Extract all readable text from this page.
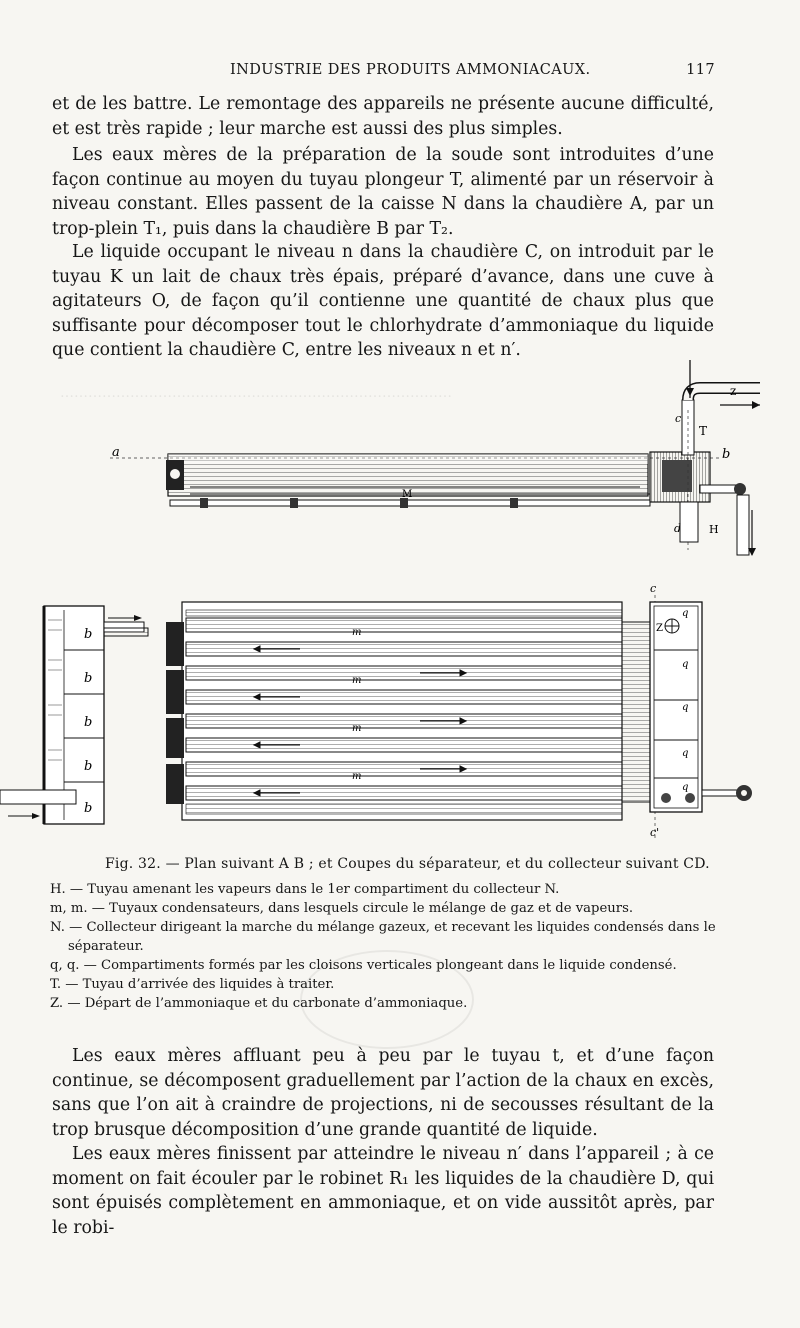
INDUSTRIE DES PRODUITS AMMONIACAUX.	117

et de les battre. Le remontage des appareils ne présente aucune difficulté, et est très rapide ; leur marche est aussi des plus simples.

Les eaux mères de la préparation de la soude sont introduites d’une façon continue au moyen du tuyau plongeur T, alimenté par un réservoir à niveau constant. Elles passent de la caisse N dans la chaudière A, par un trop-plein T₁, puis dans la chaudière B par T₂.

Le liquide occupant le niveau n dans la chaudière C, on introduit par le tuyau K un lait de chaux très épais, préparé d’avance, dans une cuve à agitateurs O, de façon qu’il contienne une quantité de chaux plus que suffisante pour décomposer tout le chlorhydrate d’ammoniaque du liquide que contient la chaudière C, entre les niveaux n et n′.

…………………………………………………………………………
a	b
M
z
T
c
H
d
c
c'
m
m
m
m
Z
q
q
q
q
q
b
b
b
b
b
Fig. 32. — Plan suivant A B ; et Coupes du séparateur, et du collecteur suivant CD.
H. — Tuyau amenant les vapeurs dans le 1er compartiment du collecteur N.
m, m. — Tuyaux condensateurs, dans lesquels circule le mélange de gaz et de vapeurs.
N. — Collecteur dirigeant la marche du mélange gazeux, et recevant les liquides condensés dans le
séparateur.
q, q. — Compartiments formés par les cloisons verticales plongeant dans le liquide condensé.
T. — Tuyau d’arrivée des liquides à traiter.
Z. — Départ de l’ammoniaque et du carbonate d’ammoniaque.

Les eaux mères affluant peu à peu par le tuyau t, et d’une façon continue, se décomposent graduellement par l’action de la chaux en excès, sans que l’on ait à craindre de projections, ni de secousses résultant de la trop brusque décomposition d’une grande quantité de liquide.

Les eaux mères finissent par atteindre le niveau n′ dans l’appareil ; à ce moment on fait écouler par le robinet R₁ les liquides de la chaudière D, qui sont épuisés complètement en ammoniaque, et on vide aussitôt après, par le robi-
